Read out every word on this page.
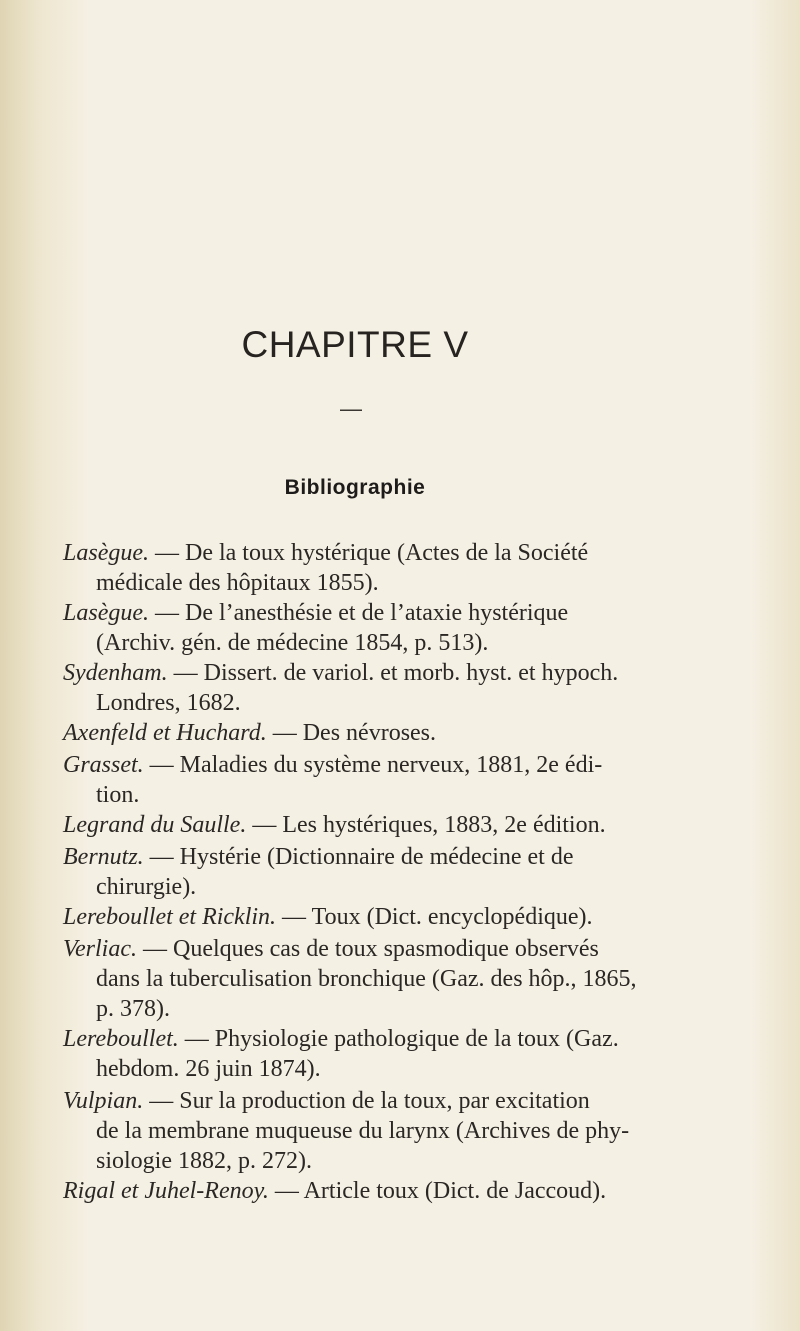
CHAPITRE V
—
Bibliographie
Lasègue. — De la toux hystérique (Actes de la Société
médicale des hôpitaux 1855).
Lasègue. — De l’anesthésie et de l’ataxie hystérique
(Archiv. gén. de médecine 1854, p. 513).
Sydenham. — Dissert. de variol. et morb. hyst. et hypoch.
Londres, 1682.
Axenfeld et Huchard. — Des névroses.
Grasset. — Maladies du système nerveux, 1881, 2e édi-
tion.
Legrand du Saulle. — Les hystériques, 1883, 2e édition.
Bernutz. — Hystérie (Dictionnaire de médecine et de
chirurgie).
Lereboullet et Ricklin. — Toux (Dict. encyclopédique).
Verliac. — Quelques cas de toux spasmodique observés
dans la tuberculisation bronchique (Gaz. des hôp., 1865,
p. 378).
Lereboullet. — Physiologie pathologique de la toux (Gaz.
hebdom. 26 juin 1874).
Vulpian. — Sur la production de la toux, par excitation
de la membrane muqueuse du larynx (Archives de phy-
siologie 1882, p. 272).
Rigal et Juhel-Renoy. — Article toux (Dict. de Jaccoud).
